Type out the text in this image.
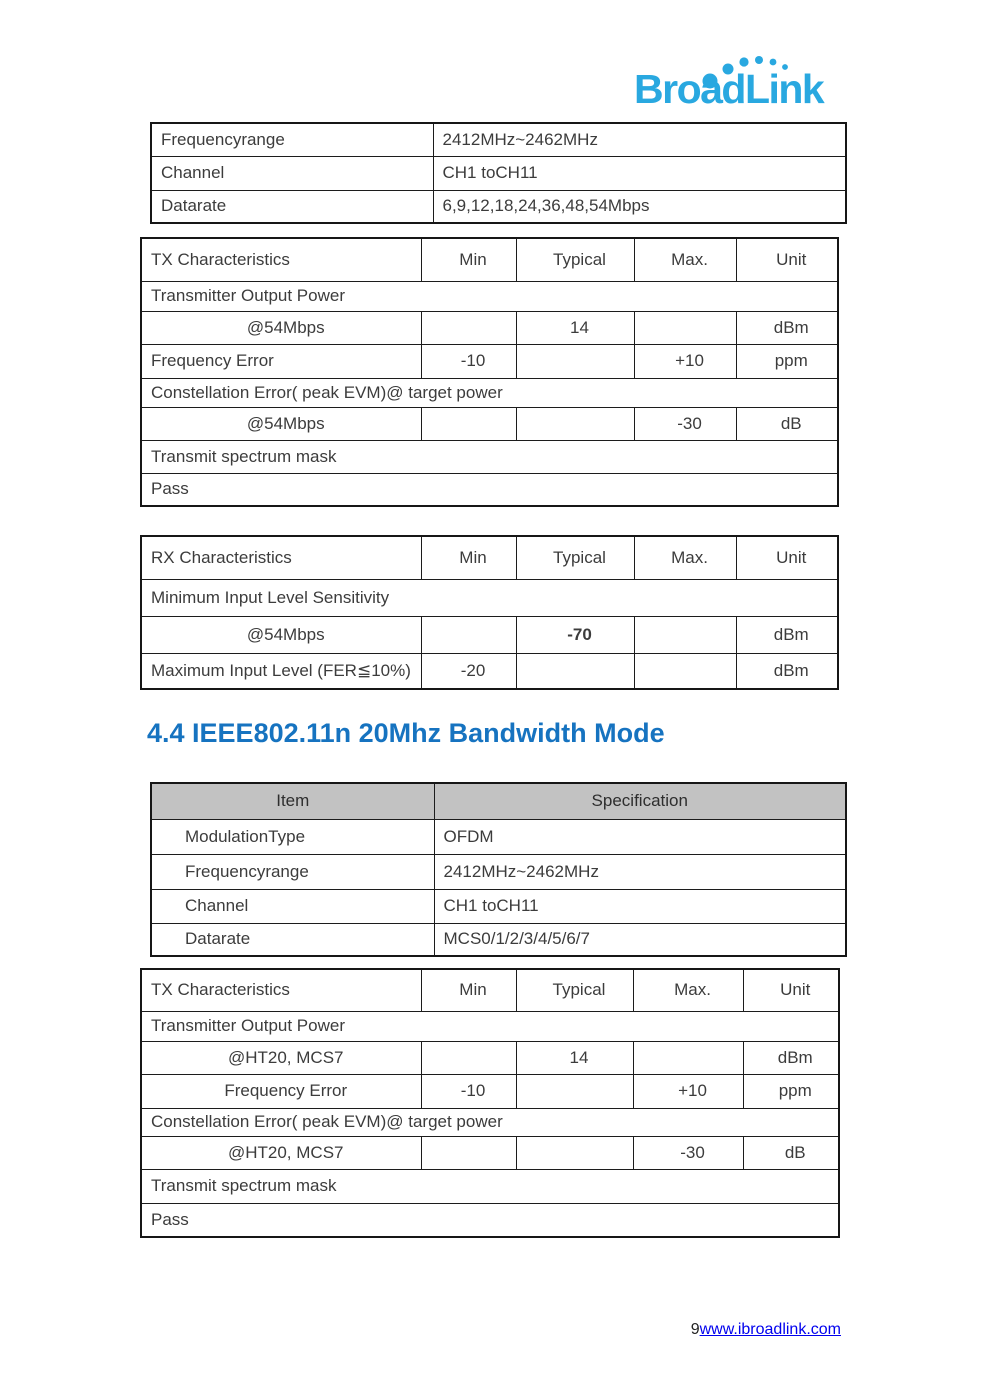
BroadLink
Frequencyrange	2412MHz~2462MHz
Channel	CH1 toCH11
Datarate	6,9,12,18,24,36,48,54Mbps
TX Characteristics	Min	Typical	Max.	Unit
Transmitter Output Power				
@54Mbps		14		dBm
Frequency Error	-10		+10	ppm
Constellation Error( peak EVM)@ target power				
@54Mbps			-30	dB
Transmit spectrum mask				
Pass				
RX Characteristics	Min	Typical	Max.	Unit
Minimum Input Level Sensitivity				
@54Mbps		-70		dBm
Maximum Input Level (FER≦10%)	-20			dBm
4.4 IEEE802.11n 20Mhz Bandwidth Mode
Item	Specification
ModulationType	OFDM
Frequencyrange	2412MHz~2462MHz
Channel	CH1 toCH11
Datarate	MCS0/1/2/3/4/5/6/7
TX Characteristics	Min	Typical	Max.	Unit
Transmitter Output Power				
@HT20, MCS7		14		dBm
Frequency Error	-10		+10	ppm
Constellation Error( peak EVM)@ target power				
@HT20, MCS7			-30	dB
Transmit spectrum mask				
Pass				
9www.ibroadlink.com
